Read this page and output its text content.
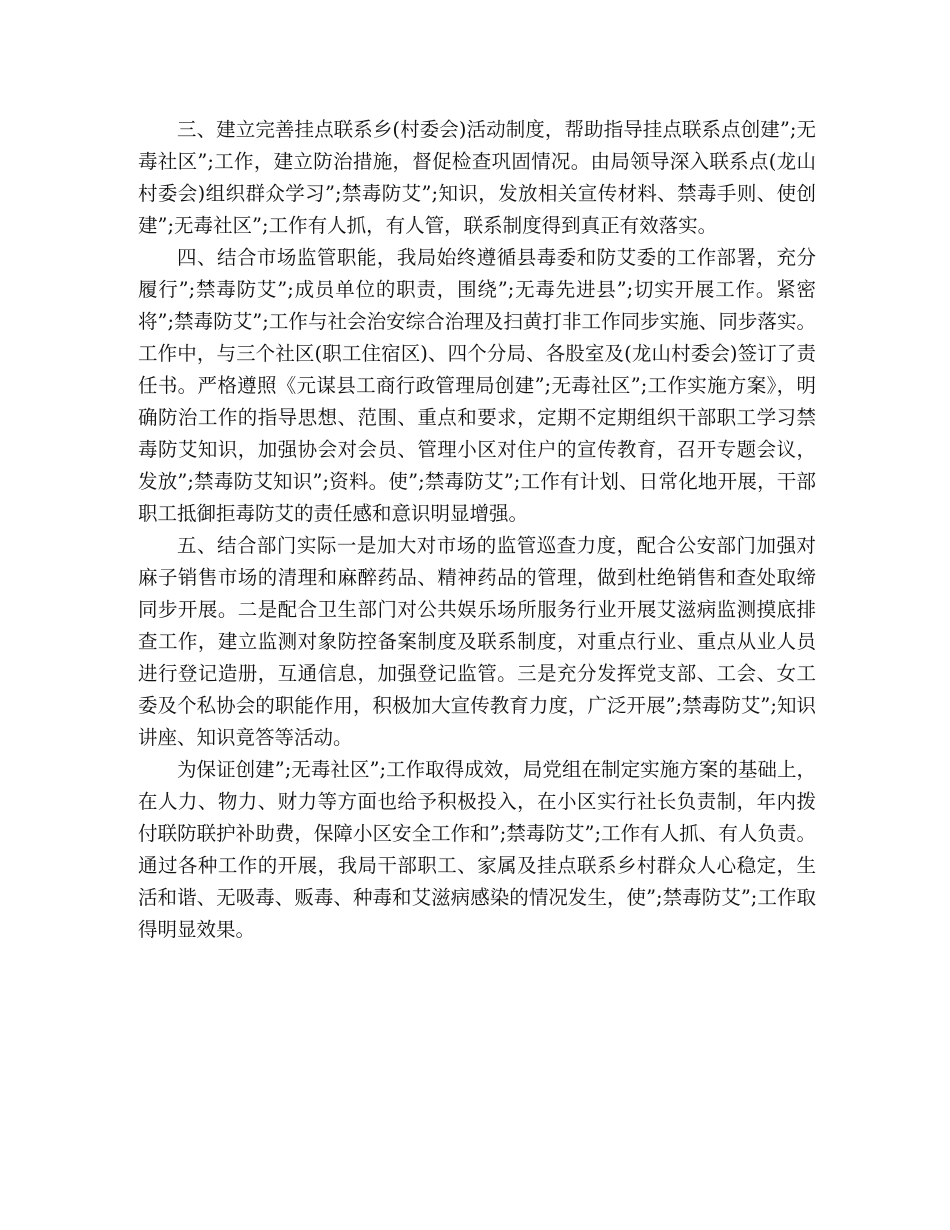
三、建立完善挂点联系乡(村委会)活动制度，帮助指导挂点联系点创建”;无毒社区”;工作，建立防治措施，督促检查巩固情况。由局领导深入联系点(龙山村委会)组织群众学习”;禁毒防艾”;知识，发放相关宣传材料、禁毒手则、使创建”;无毒社区”;工作有人抓，有人管，联系制度得到真正有效落实。

四、结合市场监管职能，我局始终遵循县毒委和防艾委的工作部署，充分履行”;禁毒防艾”;成员单位的职责，围绕”;无毒先进县”;切实开展工作。紧密将”;禁毒防艾”;工作与社会治安综合治理及扫黄打非工作同步实施、同步落实。工作中，与三个社区(职工住宿区)、四个分局、各股室及(龙山村委会)签订了责任书。严格遵照《元谋县工商行政管理局创建”;无毒社区”;工作实施方案》，明确防治工作的指导思想、范围、重点和要求，定期不定期组织干部职工学习禁毒防艾知识，加强协会对会员、管理小区对住户的宣传教育，召开专题会议，发放”;禁毒防艾知识”;资料。使”;禁毒防艾”;工作有计划、日常化地开展，干部职工抵御拒毒防艾的责任感和意识明显增强。

五、结合部门实际一是加大对市场的监管巡查力度，配合公安部门加强对麻子销售市场的清理和麻醉药品、精神药品的管理，做到杜绝销售和查处取缔同步开展。二是配合卫生部门对公共娱乐场所服务行业开展艾滋病监测摸底排查工作，建立监测对象防控备案制度及联系制度，对重点行业、重点从业人员进行登记造册，互通信息，加强登记监管。三是充分发挥党支部、工会、女工委及个私协会的职能作用，积极加大宣传教育力度，广泛开展”;禁毒防艾”;知识讲座、知识竟答等活动。

为保证创建”;无毒社区”;工作取得成效，局党组在制定实施方案的基础上，在人力、物力、财力等方面也给予积极投入，在小区实行社长负责制，年内拨付联防联护补助费，保障小区安全工作和”;禁毒防艾”;工作有人抓、有人负责。通过各种工作的开展，我局干部职工、家属及挂点联系乡村群众人心稳定，生活和谐、无吸毒、贩毒、种毒和艾滋病感染的情况发生，使”;禁毒防艾”;工作取得明显效果。
